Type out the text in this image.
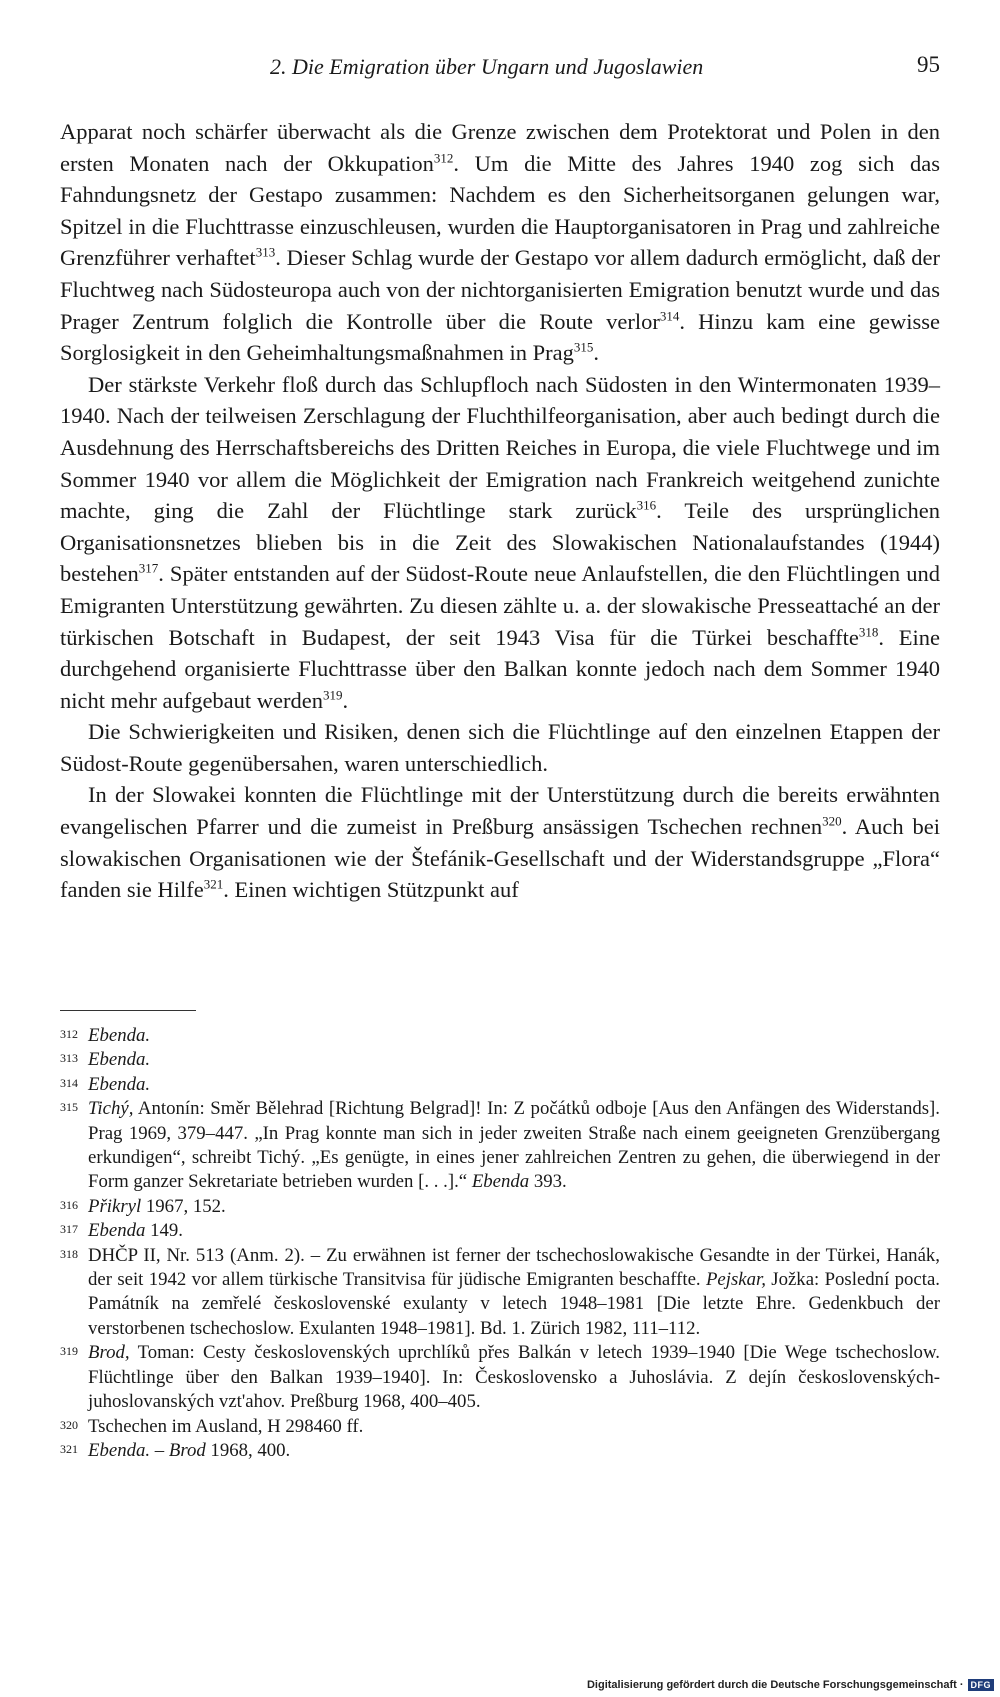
2. Die Emigration über Ungarn und Jugoslawien	95

Apparat noch schärfer überwacht als die Grenze zwischen dem Protektorat und Polen in den ersten Monaten nach der Okkupation$^{312}$. Um die Mitte des Jahres 1940 zog sich das Fahndungsnetz der Gestapo zusammen: Nachdem es den Sicherheitsorganen gelungen war, Spitzel in die Fluchttrasse einzuschleusen, wurden die Hauptorganisatoren in Prag und zahlreiche Grenzführer verhaftet$^{313}$. Dieser Schlag wurde der Gestapo vor allem dadurch ermöglicht, daß der Fluchtweg nach Südosteuropa auch von der nichtorganisierten Emigration benutzt wurde und das Prager Zentrum folglich die Kontrolle über die Route verlor$^{314}$. Hinzu kam eine gewisse Sorglosigkeit in den Geheimhaltungsmaßnahmen in Prag$^{315}$.

Der stärkste Verkehr floß durch das Schlupfloch nach Südosten in den Wintermonaten 1939–1940. Nach der teilweisen Zerschlagung der Fluchthilfeorganisation, aber auch bedingt durch die Ausdehnung des Herrschaftsbereichs des Dritten Reiches in Europa, die viele Fluchtwege und im Sommer 1940 vor allem die Möglichkeit der Emigration nach Frankreich weitgehend zunichte machte, ging die Zahl der Flüchtlinge stark zurück$^{316}$. Teile des ursprünglichen Organisationsnetzes blieben bis in die Zeit des Slowakischen Nationalaufstandes (1944) bestehen$^{317}$. Später entstanden auf der Südost-Route neue Anlaufstellen, die den Flüchtlingen und Emigranten Unterstützung gewährten. Zu diesen zählte u. a. der slowakische Presseattaché an der türkischen Botschaft in Budapest, der seit 1943 Visa für die Türkei beschaffte$^{318}$. Eine durchgehend organisierte Fluchttrasse über den Balkan konnte jedoch nach dem Sommer 1940 nicht mehr aufgebaut werden$^{319}$.

Die Schwierigkeiten und Risiken, denen sich die Flüchtlinge auf den einzelnen Etappen der Südost-Route gegenübersahen, waren unterschiedlich.

In der Slowakei konnten die Flüchtlinge mit der Unterstützung durch die bereits erwähnten evangelischen Pfarrer und die zumeist in Preßburg ansässigen Tschechen rechnen$^{320}$. Auch bei slowakischen Organisationen wie der Štefánik-Gesellschaft und der Widerstandsgruppe „Flora“ fanden sie Hilfe$^{321}$. Einen wichtigen Stützpunkt auf

312 Ebenda.
313 Ebenda.
314 Ebenda.
315 Tichý, Antonín: Směr Bělehrad [Richtung Belgrad]! In: Z počátků odboje [Aus den Anfängen des Widerstands]. Prag 1969, 379–447. „In Prag konnte man sich in jeder zweiten Straße nach einem geeigneten Grenzübergang erkundigen“, schreibt Tichý. „Es genügte, in eines jener zahlreichen Zentren zu gehen, die überwiegend in der Form ganzer Sekretariate betrieben wurden [. . .].“ Ebenda 393.
316 Přikryl 1967, 152.
317 Ebenda 149.
318 DHČP II, Nr. 513 (Anm. 2). – Zu erwähnen ist ferner der tschechoslowakische Gesandte in der Türkei, Hanák, der seit 1942 vor allem türkische Transitvisa für jüdische Emigranten beschaffte. Pejskar, Jožka: Poslední pocta. Památník na zemřelé československé exulanty v letech 1948–1981 [Die letzte Ehre. Gedenkbuch der verstorbenen tschechoslow. Exulanten 1948–1981]. Bd. 1. Zürich 1982, 111–112.
319 Brod, Toman: Cesty československých uprchlíků přes Balkán v letech 1939–1940 [Die Wege tschechoslow. Flüchtlinge über den Balkan 1939–1940]. In: Československo a Juhoslávia. Z dejín československých-juhoslovanských vzt'ahov. Preßburg 1968, 400–405.
320 Tschechen im Ausland, H 298460 ff.
321 Ebenda. – Brod 1968, 400.
Digitalisierung gefördert durch die Deutsche Forschungsgemeinschaft · DFG
